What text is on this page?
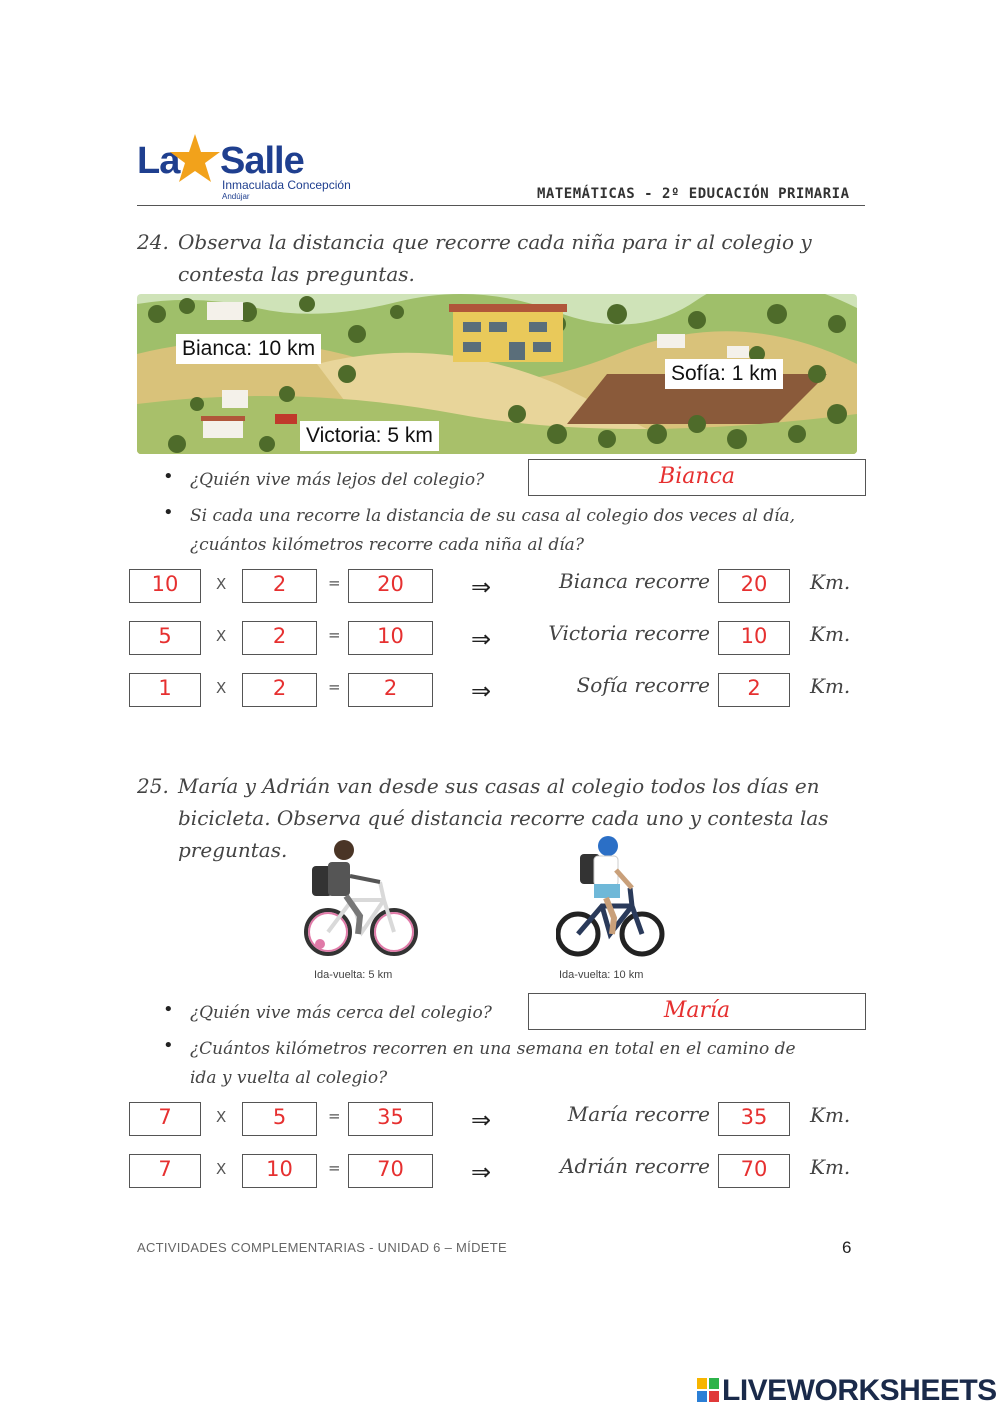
La Salle
Inmaculada Concepción
Andújar	MATEMÁTICAS - 2º EDUCACIÓN PRIMARIA
24. Observa la distancia que recorre cada niña para ir al colegio y
contesta las preguntas.
Bianca: 10 km
Sofía: 1 km
Victoria: 5 km
• ¿Quién vive más lejos del colegio?	Bianca
• Si cada una recorre la distancia de su casa al colegio dos veces al día,
¿cuántos kilómetros recorre cada niña al día?
10	X	2	=	20	⇒	Bianca recorre	20	Km.
5	X	2	=	10	⇒	Victoria recorre	10	Km.
1	X	2	=	2	⇒	Sofía recorre	2	Km.
25. María y Adrián van desde sus casas al colegio todos los días en
bicicleta. Observa qué distancia recorre cada uno y contesta las
preguntas.
Ida-vuelta: 5 km	Ida-vuelta: 10 km
• ¿Quién vive más cerca del colegio?	María
• ¿Cuántos kilómetros recorren en una semana en total en el camino de
ida y vuelta al colegio?
7	X	5	=	35	⇒	María recorre	35	Km.
7	X	10	=	70	⇒	Adrián recorre	70	Km.
ACTIVIDADES COMPLEMENTARIAS - UNIDAD 6 – MÍDETE	6
LIVEWORKSHEETS
